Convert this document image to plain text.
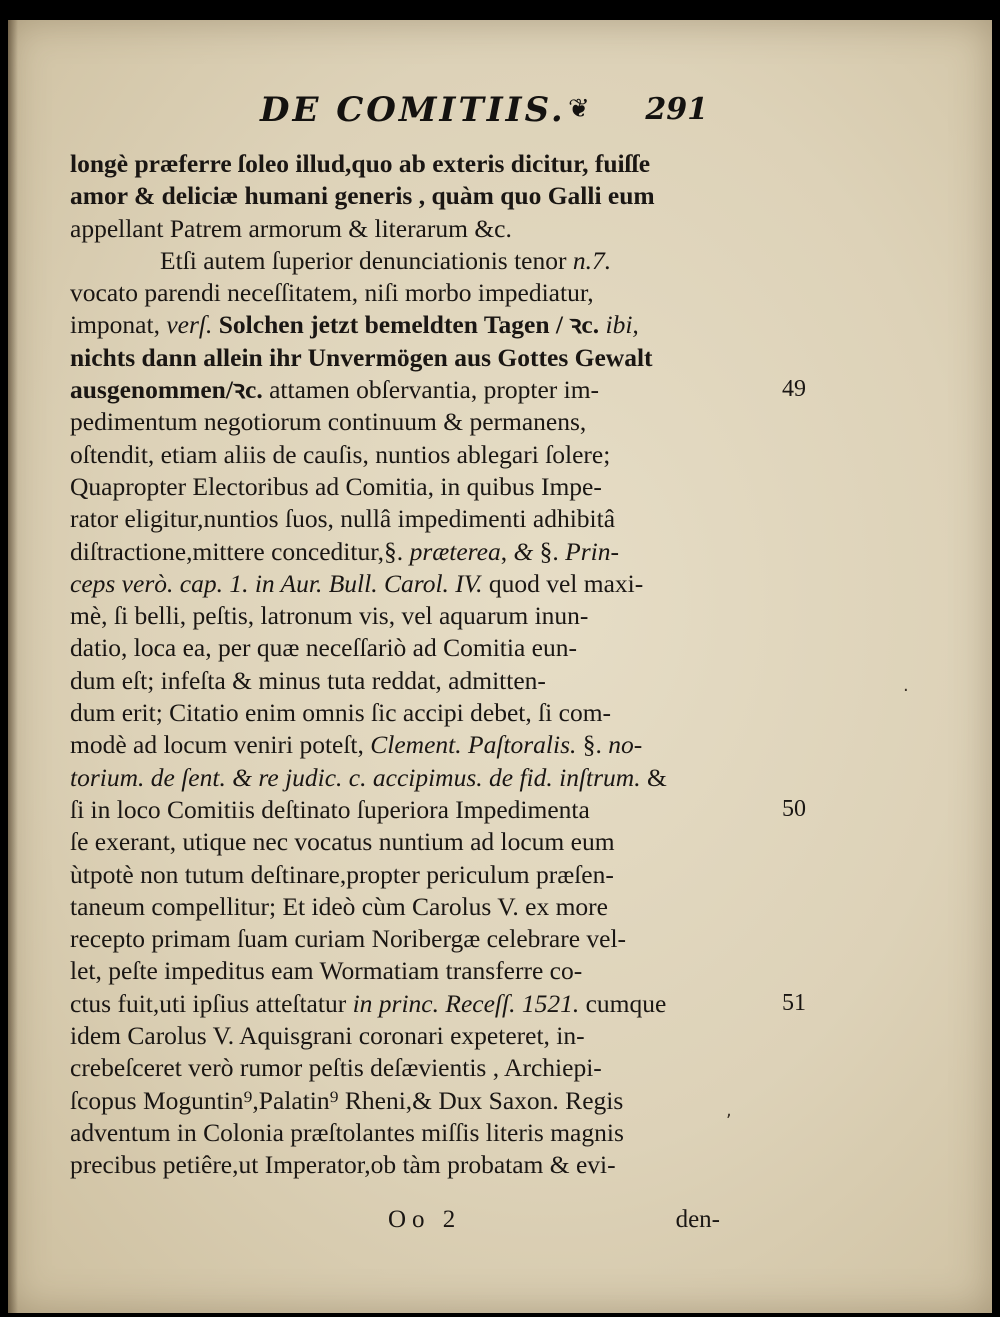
DE COMITIIS. ❦ 291
49
50
51
longè præferre ſoleo illud,quo ab exteris dicitur, fuiſſe
amor & deliciæ humani generis , quàm quo Galli eum
appellant Patrem armorum & literarum &c.
Etſi autem ſuperior denunciationis tenor n.7.
vocato parendi neceſſitatem, niſi morbo impediatur,
imponat, verſ. Solchen jetzt bemeldten Tagen / ꝛc. ibi,
nichts dann allein ihr Unvermögen aus Gottes Gewalt
ausgenommen/ꝛc. attamen obſervantia, propter im-
pedimentum negotiorum continuum & permanens,
oſtendit, etiam aliis de cauſis, nuntios ablegari ſolere;
Quapropter Electoribus ad Comitia, in quibus Impe-
rator eligitur,nuntios ſuos, nullâ impedimenti adhibitâ
diſtractione,mittere conceditur,§. præterea, & §. Prin-
ceps verò. cap. 1. in Aur. Bull. Carol. IV. quod vel maxi-
mè, ſi belli, peſtis, latronum vis, vel aquarum inun-
datio, loca ea, per quæ neceſſariò ad Comitia eun-
dum eſt; infeſta & minus tuta reddat, admitten-
dum erit; Citatio enim omnis ſic accipi debet, ſi com-
modè ad locum veniri poteſt, Clement. Paſtoralis. §. no-
torium. de ſent. & re judic. c. accipimus. de fid. inſtrum. &
ſi in loco Comitiis deſtinato ſuperiora Impedimenta
ſe exerant, utique nec vocatus nuntium ad locum eum
ùtpotè non tutum deſtinare,propter periculum præſen-
taneum compellitur; Et ideò cùm Carolus V. ex more
recepto primam ſuam curiam Noribergæ celebrare vel-
let, peſte impeditus eam Wormatiam transferre co-
ctus fuit,uti ipſius atteſtatur in princ. Receſſ. 1521. cumque
idem Carolus V. Aquisgrani coronari expeteret, in-
crebeſceret verò rumor peſtis deſævientis , Archiepi-
ſcopus Moguntin⁹,Palatin⁹ Rheni,& Dux Saxon. Regis
adventum in Colonia præſtolantes miſſis literis magnis
precibus petiêre,ut Imperator,ob tàm probatam & evi-
Oo 2	den-
,
·
